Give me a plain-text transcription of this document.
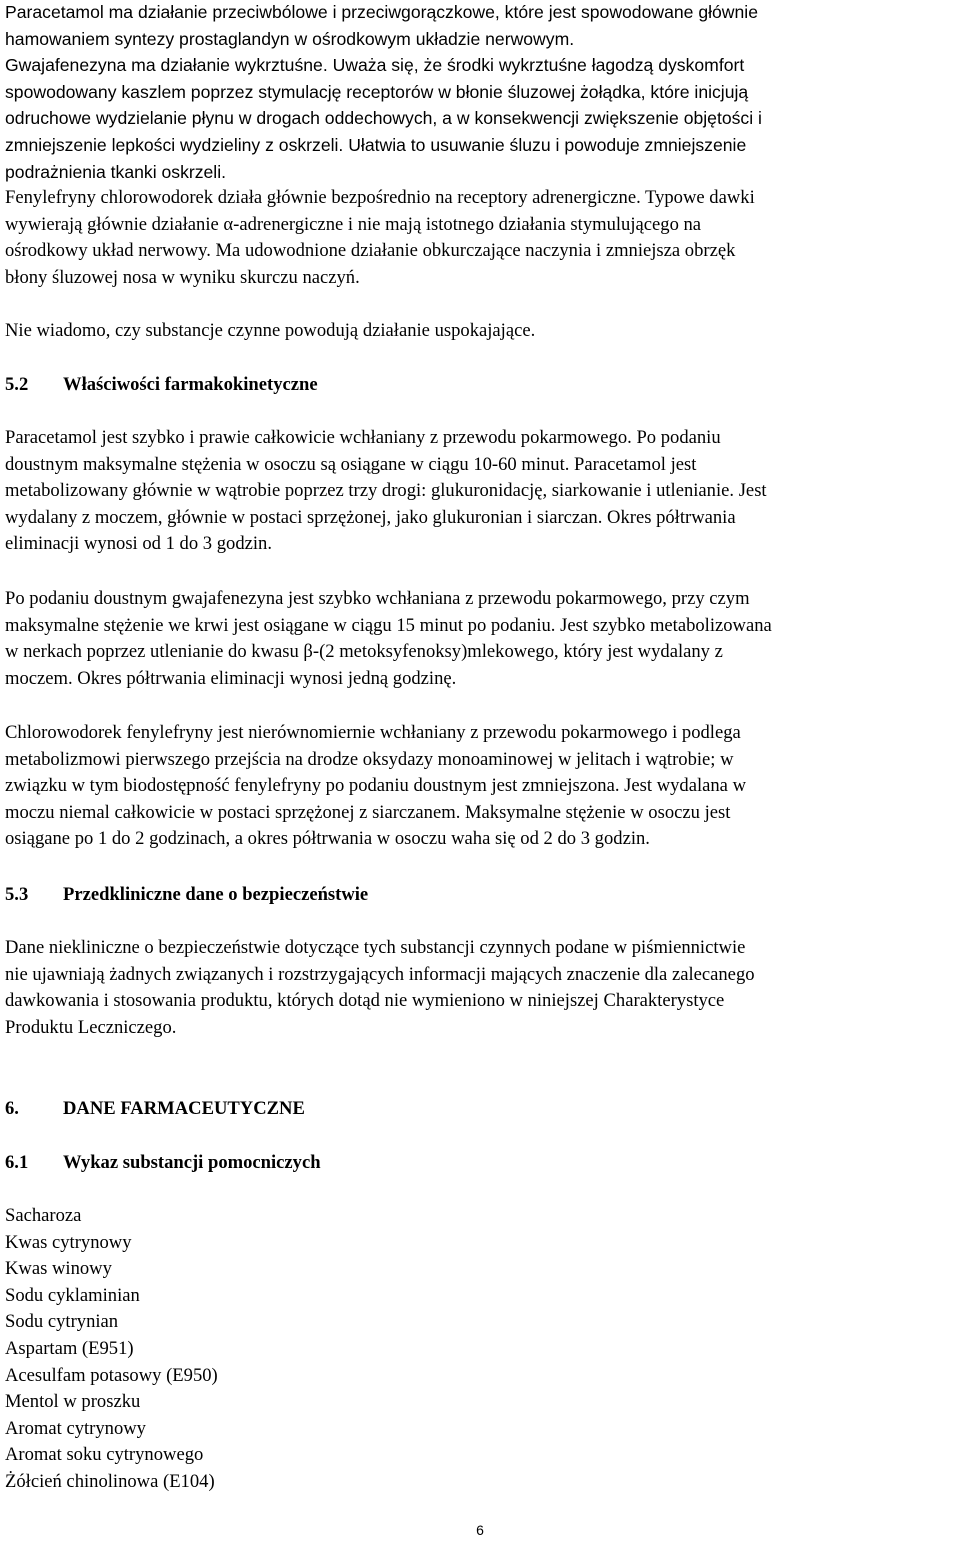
Paracetamol ma działanie przeciwbólowe i przeciwgorączkowe, które jest spowodowane głównie
hamowaniem syntezy prostaglandyn w ośrodkowym układzie nerwowym.
Gwajafenezyna ma działanie wykrztuśne. Uważa się, że środki wykrztuśne łagodzą dyskomfort
spowodowany kaszlem poprzez stymulację receptorów w błonie śluzowej żołądka, które inicjują
odruchowe wydzielanie płynu w drogach oddechowych, a w konsekwencji zwiększenie objętości i
zmniejszenie lepkości wydzieliny z oskrzeli. Ułatwia to usuwanie śluzu i powoduje zmniejszenie
podrażnienia tkanki oskrzeli.
Fenylefryny chlorowodorek działa głównie bezpośrednio na receptory adrenergiczne. Typowe dawki
wywierają głównie działanie α-adrenergiczne i nie mają istotnego działania stymulującego na
ośrodkowy układ nerwowy. Ma udowodnione działanie obkurczające naczynia i zmniejsza obrzęk
błony śluzowej nosa w wyniku skurczu naczyń.
Nie wiadomo, czy substancje czynne powodują działanie uspokajające.
5.2 Właściwości farmakokinetyczne
Paracetamol jest szybko i prawie całkowicie wchłaniany z przewodu pokarmowego. Po podaniu
doustnym maksymalne stężenia w osoczu są osiągane w ciągu 10-60 minut. Paracetamol jest
metabolizowany głównie w wątrobie poprzez trzy drogi: glukuronidację, siarkowanie i utlenianie. Jest
wydalany z moczem, głównie w postaci sprzężonej, jako glukuronian i siarczan. Okres półtrwania
eliminacji wynosi od 1 do 3 godzin.
Po podaniu doustnym gwajafenezyna jest szybko wchłaniana z przewodu pokarmowego, przy czym
maksymalne stężenie we krwi jest osiągane w ciągu 15 minut po podaniu. Jest szybko metabolizowana
w nerkach poprzez utlenianie do kwasu β-(2 metoksyfenoksy)mlekowego, który jest wydalany z
moczem. Okres półtrwania eliminacji wynosi jedną godzinę.
Chlorowodorek fenylefryny jest nierównomiernie wchłaniany z przewodu pokarmowego i podlega
metabolizmowi pierwszego przejścia na drodze oksydazy monoaminowej w jelitach i wątrobie; w
związku w tym biodostępność fenylefryny po podaniu doustnym jest zmniejszona. Jest wydalana w
moczu niemal całkowicie w postaci sprzężonej z siarczanem. Maksymalne stężenie w osoczu jest
osiągane po 1 do 2 godzinach, a okres półtrwania w osoczu waha się od 2 do 3 godzin.
5.3 Przedkliniczne dane o bezpieczeństwie
Dane niekliniczne o bezpieczeństwie dotyczące tych substancji czynnych podane w piśmiennictwie
nie ujawniają żadnych związanych i rozstrzygających informacji mających znaczenie dla zalecanego
dawkowania i stosowania produktu, których dotąd nie wymieniono w niniejszej Charakterystyce
Produktu Leczniczego.
6. DANE FARMACEUTYCZNE
6.1 Wykaz substancji pomocniczych
Sacharoza
Kwas cytrynowy
Kwas winowy
Sodu cyklaminian
Sodu cytrynian
Aspartam (E951)
Acesulfam potasowy (E950)
Mentol w proszku
Aromat cytrynowy
Aromat soku cytrynowego
Żółcień chinolinowa (E104)
6
